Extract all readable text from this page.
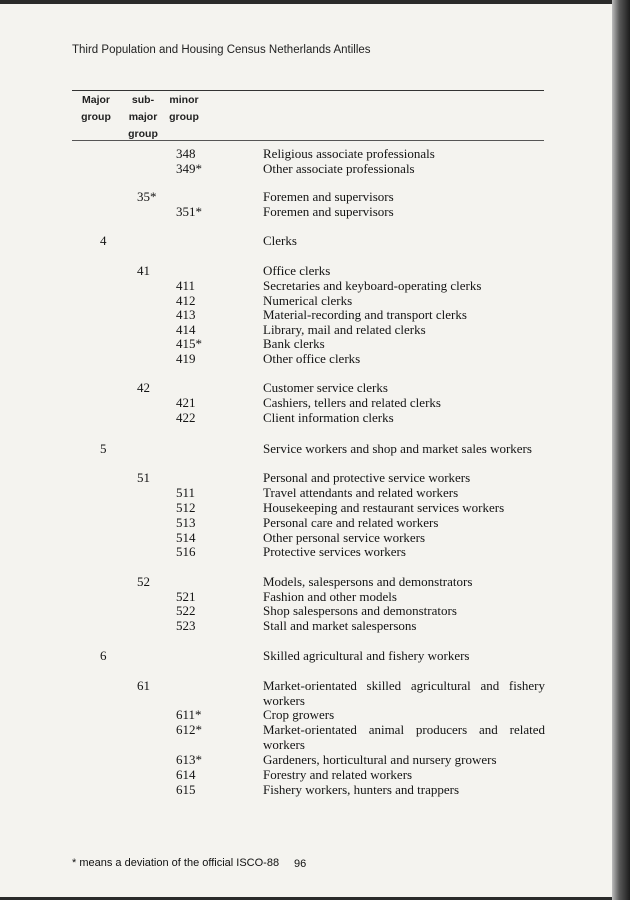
Third Population and Housing Census Netherlands Antilles
Major
group
sub-
major
group
minor
group
348	Religious associate professionals
349*	Other associate professionals
35*	Foremen and supervisors
351*	Foremen and supervisors
4	Clerks
41	Office clerks
411	Secretaries and keyboard-operating clerks
412	Numerical clerks
413	Material-recording and transport clerks
414	Library, mail and related clerks
415*	Bank clerks
419	Other office clerks
42	Customer service clerks
421	Cashiers, tellers and related clerks
422	Client information clerks
5	Service workers and shop and market sales workers
51	Personal and protective service workers
511	Travel attendants and related workers
512	Housekeeping and restaurant services workers
513	Personal care and related workers
514	Other personal service workers
516	Protective services workers
52	Models, salespersons and demonstrators
521	Fashion and other models
522	Shop salespersons and demonstrators
523	Stall and market salespersons
6	Skilled agricultural and fishery workers
61	Market-orientated skilled agricultural and fishery
workers
611*	Crop growers
612*	Market-orientated animal producers and related
workers
613*	Gardeners, horticultural and nursery growers
614	Forestry and related workers
615	Fishery workers, hunters and trappers
* means a deviation of the official ISCO-88 96
